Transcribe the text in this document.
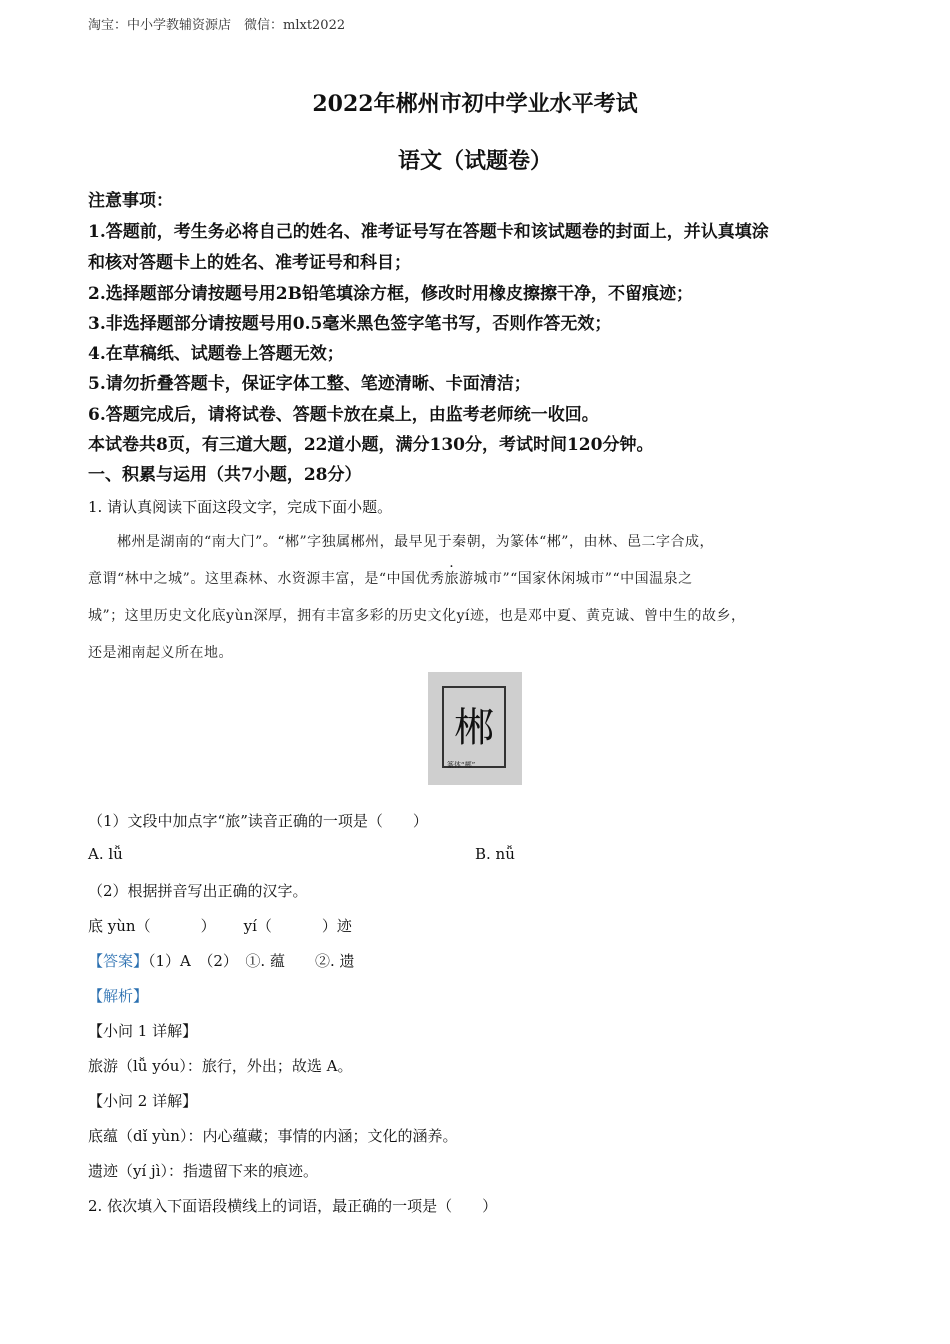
淘宝：中小学教辅资源店　微信：mlxt2022
2022年郴州市初中学业水平考试
语文（试题卷）
注意事项：
1.答题前，考生务必将自己的姓名、准考证号写在答题卡和该试题卷的封面上，并认真填涂
和核对答题卡上的姓名、准考证号和科目；
2.选择题部分请按题号用2B铅笔填涂方框，修改时用橡皮擦擦干净，不留痕迹；
3.非选择题部分请按题号用0.5毫米黑色签字笔书写，否则作答无效；
4.在草稿纸、试题卷上答题无效；
5.请勿折叠答题卡，保证字体工整、笔迹清晰、卡面清洁；
6.答题完成后，请将试卷、答题卡放在桌上，由监考老师统一收回。
本试卷共8页，有三道大题，22道小题，满分130分，考试时间120分钟。
一、积累与运用（共7小题，28分）
1. 请认真阅读下面这段文字，完成下面小题。
　　郴州是湖南的“南大门”。“郴”字独属郴州，最早见于秦朝，为篆体“郴”，由林、邑二字合成，
意谓“林中之城”。这里森林、水资源丰富，是“中国优秀旅游城市”“国家休闲城市”“中国温泉之
城”；这里历史文化底yùn深厚，拥有丰富多彩的历史文化yí迹，也是邓中夏、黄克诚、曾中生的故乡，
还是湘南起义所在地。
郴
篆体“郴”
（1）文段中加点字“旅”读音正确的一项是（　　）
A. lǚ	B. nǚ
（2）根据拼音写出正确的汉字。
底 yùn（	） yí（	）迹
【答案】（1）A　（2）　①. 蕴　　②. 遗
【解析】
【小问 1 详解】
旅游（lǚ yóu）：旅行，外出；故选 A。
【小问 2 详解】
底蕴（dǐ yùn）：内心蕴藏；事情的内涵；文化的涵养。
遗迹（yí jì）：指遗留下来的痕迹。
2. 依次填入下面语段横线上的词语，最正确的一项是（　　）
